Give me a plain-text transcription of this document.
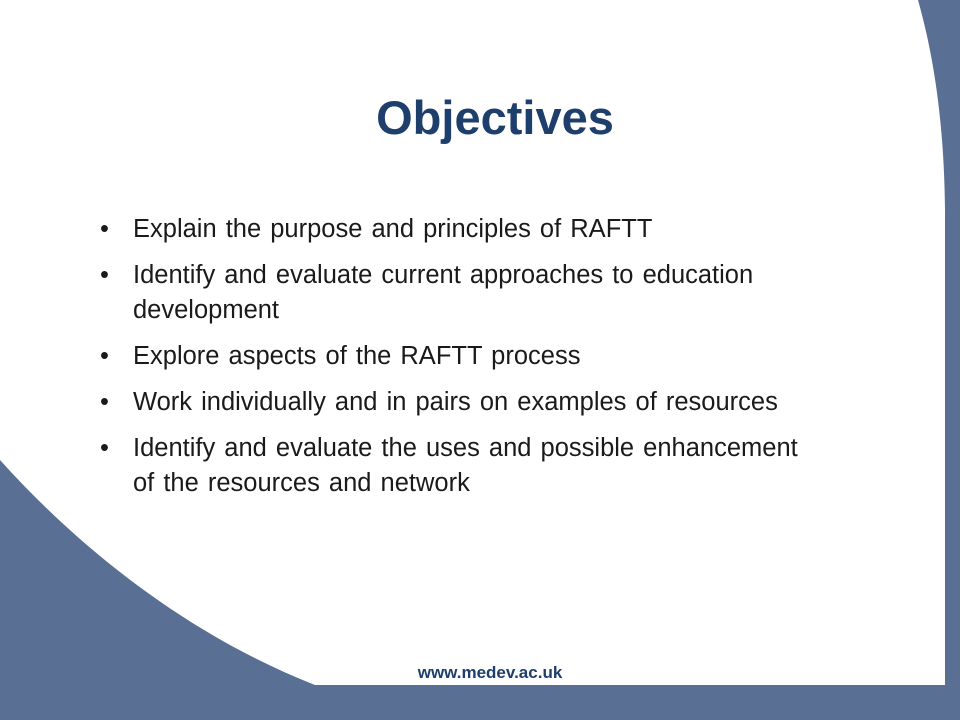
Objectives
• Explain the purpose and principles of RAFTT
• Identify and evaluate current approaches to education development
• Explore aspects of the RAFTT process
• Work individually and in pairs on examples of resources
• Identify and evaluate the uses and possible enhancement of the resources and network
www.medev.ac.uk
